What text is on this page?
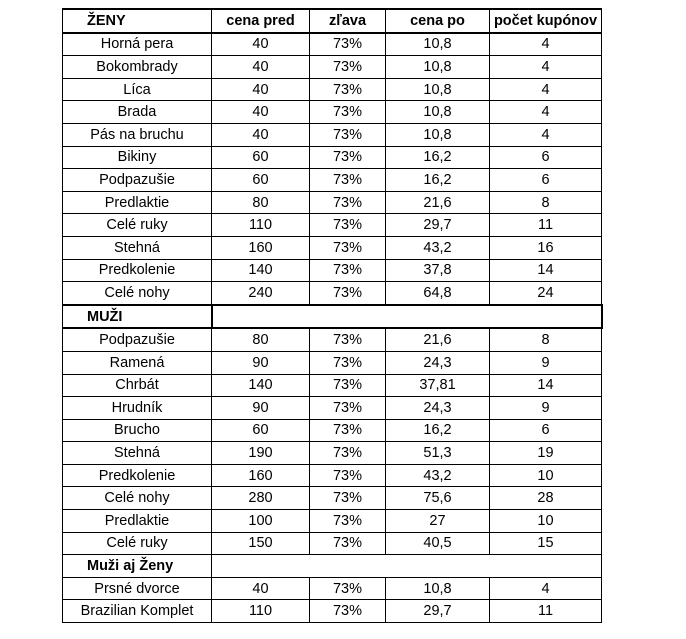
ŽENY	cena pred	zľava	cena po	počet kupónov
Horná pera	40	73%	10,8	4
Bokombrady	40	73%	10,8	4
Líca	40	73%	10,8	4
Brada	40	73%	10,8	4
Pás na bruchu	40	73%	10,8	4
Bikiny	60	73%	16,2	6
Podpazušie	60	73%	16,2	6
Predlaktie	80	73%	21,6	8
Celé ruky	110	73%	29,7	11
Stehná	160	73%	43,2	16
Predkolenie	140	73%	37,8	14
Celé nohy	240	73%	64,8	24
MUŽI				
Podpazušie	80	73%	21,6	8
Ramená	90	73%	24,3	9
Chrbát	140	73%	37,81	14
Hrudník	90	73%	24,3	9
Brucho	60	73%	16,2	6
Stehná	190	73%	51,3	19
Predkolenie	160	73%	43,2	10
Celé nohy	280	73%	75,6	28
Predlaktie	100	73%	27	10
Celé ruky	150	73%	40,5	15
Muži aj Ženy				
Prsné dvorce	40	73%	10,8	4
Brazilian Komplet	110	73%	29,7	11
